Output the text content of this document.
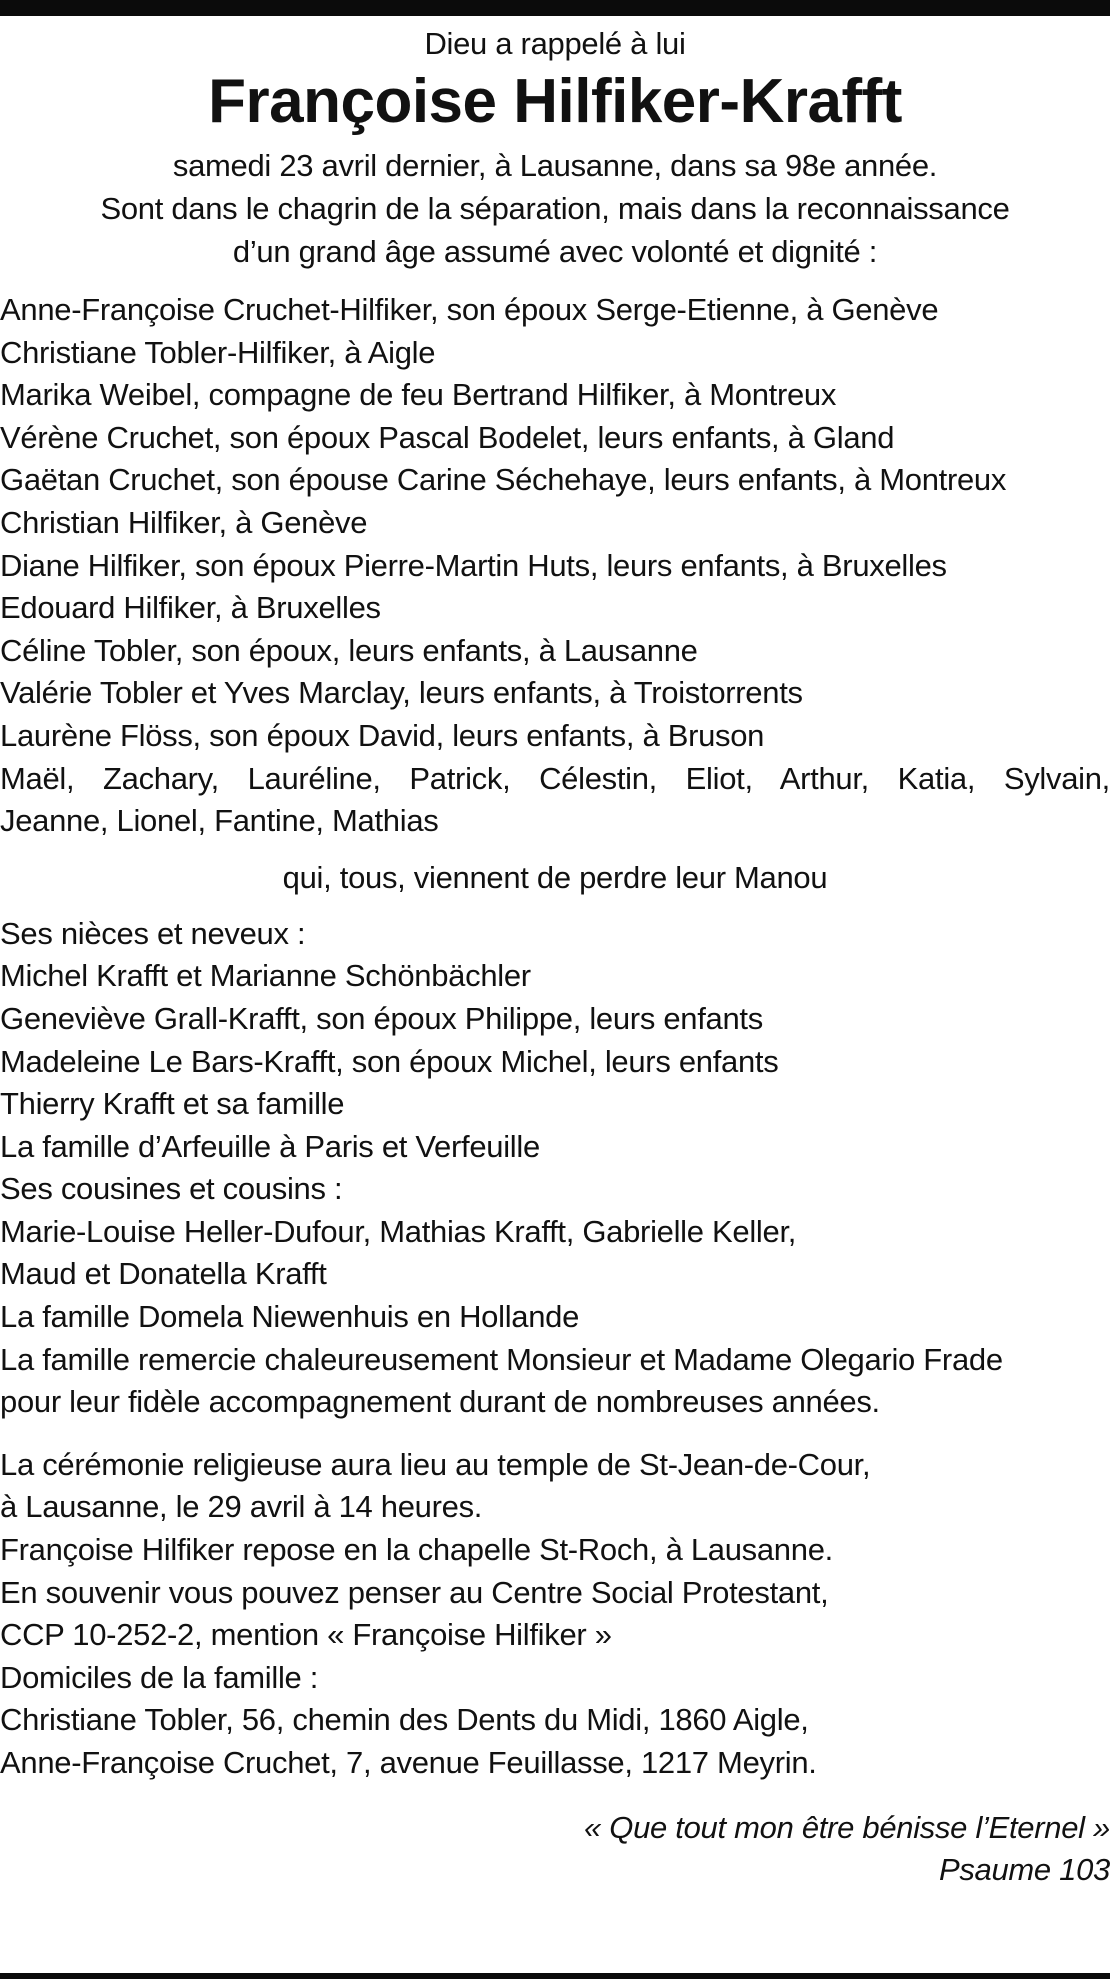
Dieu a rappelé à lui
Françoise Hilfiker-Krafft
samedi 23 avril dernier, à Lausanne, dans sa 98e année.
Sont dans le chagrin de la séparation, mais dans la reconnaissance
d’un grand âge assumé avec volonté et dignité :
Anne-Françoise Cruchet-Hilfiker, son époux Serge-Etienne, à Genève
Christiane Tobler-Hilfiker, à Aigle
Marika Weibel, compagne de feu Bertrand Hilfiker, à Montreux
Vérène Cruchet, son époux Pascal Bodelet, leurs enfants, à Gland
Gaëtan Cruchet, son épouse Carine Séchehaye, leurs enfants, à Montreux
Christian Hilfiker, à Genève
Diane Hilfiker, son époux Pierre-Martin Huts, leurs enfants, à Bruxelles
Edouard Hilfiker, à Bruxelles
Céline Tobler, son époux, leurs enfants, à Lausanne
Valérie Tobler et Yves Marclay, leurs enfants, à Troistorrents
Laurène Flöss, son époux David, leurs enfants, à Bruson
Maël, Zachary, Lauréline, Patrick, Célestin, Eliot, Arthur, Katia, Sylvain,
Jeanne, Lionel, Fantine, Mathias
qui, tous, viennent de perdre leur Manou
Ses nièces et neveux :
Michel Krafft et Marianne Schönbächler
Geneviève Grall-Krafft, son époux Philippe, leurs enfants
Madeleine Le Bars-Krafft, son époux Michel, leurs enfants
Thierry Krafft et sa famille
La famille d’Arfeuille à Paris et Verfeuille
Ses cousines et cousins :
Marie-Louise Heller-Dufour, Mathias Krafft, Gabrielle Keller,
Maud et Donatella Krafft
La famille Domela Niewenhuis en Hollande
La famille remercie chaleureusement Monsieur et Madame Olegario Frade
pour leur fidèle accompagnement durant de nombreuses années.
La cérémonie religieuse aura lieu au temple de St-Jean-de-Cour,
à Lausanne, le 29 avril à 14 heures.
Françoise Hilfiker repose en la chapelle St-Roch, à Lausanne.
En souvenir vous pouvez penser au Centre Social Protestant,
CCP 10-252-2, mention « Françoise Hilfiker »
Domiciles de la famille :
Christiane Tobler, 56, chemin des Dents du Midi, 1860 Aigle,
Anne-Françoise Cruchet, 7, avenue Feuillasse, 1217 Meyrin.
« Que tout mon être bénisse l’Eternel »
Psaume 103
